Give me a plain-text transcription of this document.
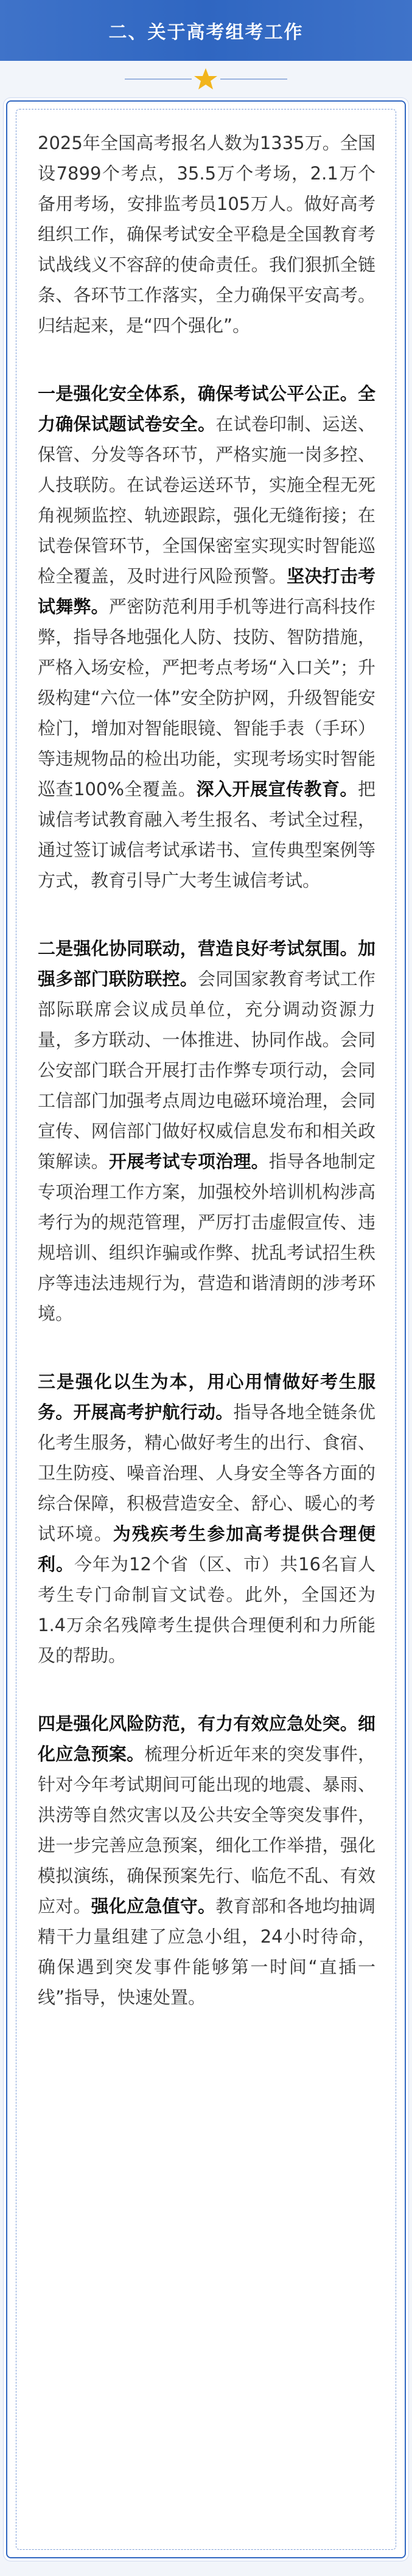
二、关于高考组考工作

2025年全国高考报名人数为1335万。全国设7899个考点，35.5万个考场，2.1万个备用考场，安排监考员105万人。做好高考组织工作，确保考试安全平稳是全国教育考试战线义不容辞的使命责任。我们狠抓全链条、各环节工作落实，全力确保平安高考。归结起来，是“四个强化”。

一是强化安全体系，确保考试公平公正。全力确保试题试卷安全。在试卷印制、运送、保管、分发等各环节，严格实施一岗多控、人技联防。在试卷运送环节，实施全程无死角视频监控、轨迹跟踪，强化无缝衔接；在试卷保管环节，全国保密室实现实时智能巡检全覆盖，及时进行风险预警。坚决打击考试舞弊。严密防范利用手机等进行高科技作弊，指导各地强化人防、技防、智防措施，严格入场安检，严把考点考场“入口关”；升级构建“六位一体”安全防护网，升级智能安检门，增加对智能眼镜、智能手表（手环）等违规物品的检出功能，实现考场实时智能巡查100%全覆盖。深入开展宣传教育。把诚信考试教育融入考生报名、考试全过程，通过签订诚信考试承诺书、宣传典型案例等方式，教育引导广大考生诚信考试。

二是强化协同联动，营造良好考试氛围。加强多部门联防联控。会同国家教育考试工作部际联席会议成员单位，充分调动资源力量，多方联动、一体推进、协同作战。会同公安部门联合开展打击作弊专项行动，会同工信部门加强考点周边电磁环境治理，会同宣传、网信部门做好权威信息发布和相关政策解读。开展考试专项治理。指导各地制定专项治理工作方案，加强校外培训机构涉高考行为的规范管理，严厉打击虚假宣传、违规培训、组织诈骗或作弊、扰乱考试招生秩序等违法违规行为，营造和谐清朗的涉考环境。

三是强化以生为本，用心用情做好考生服务。开展高考护航行动。指导各地全链条优化考生服务，精心做好考生的出行、食宿、卫生防疫、噪音治理、人身安全等各方面的综合保障，积极营造安全、舒心、暖心的考试环境。为残疾考生参加高考提供合理便利。今年为12个省（区、市）共16名盲人考生专门命制盲文试卷。此外，全国还为1.4万余名残障考生提供合理便利和力所能及的帮助。

四是强化风险防范，有力有效应急处突。细化应急预案。梳理分析近年来的突发事件，针对今年考试期间可能出现的地震、暴雨、洪涝等自然灾害以及公共安全等突发事件，进一步完善应急预案，细化工作举措，强化模拟演练，确保预案先行、临危不乱、有效应对。强化应急值守。教育部和各地均抽调精干力量组建了应急小组，24小时待命，确保遇到突发事件能够第一时间“直插一线”指导，快速处置。
